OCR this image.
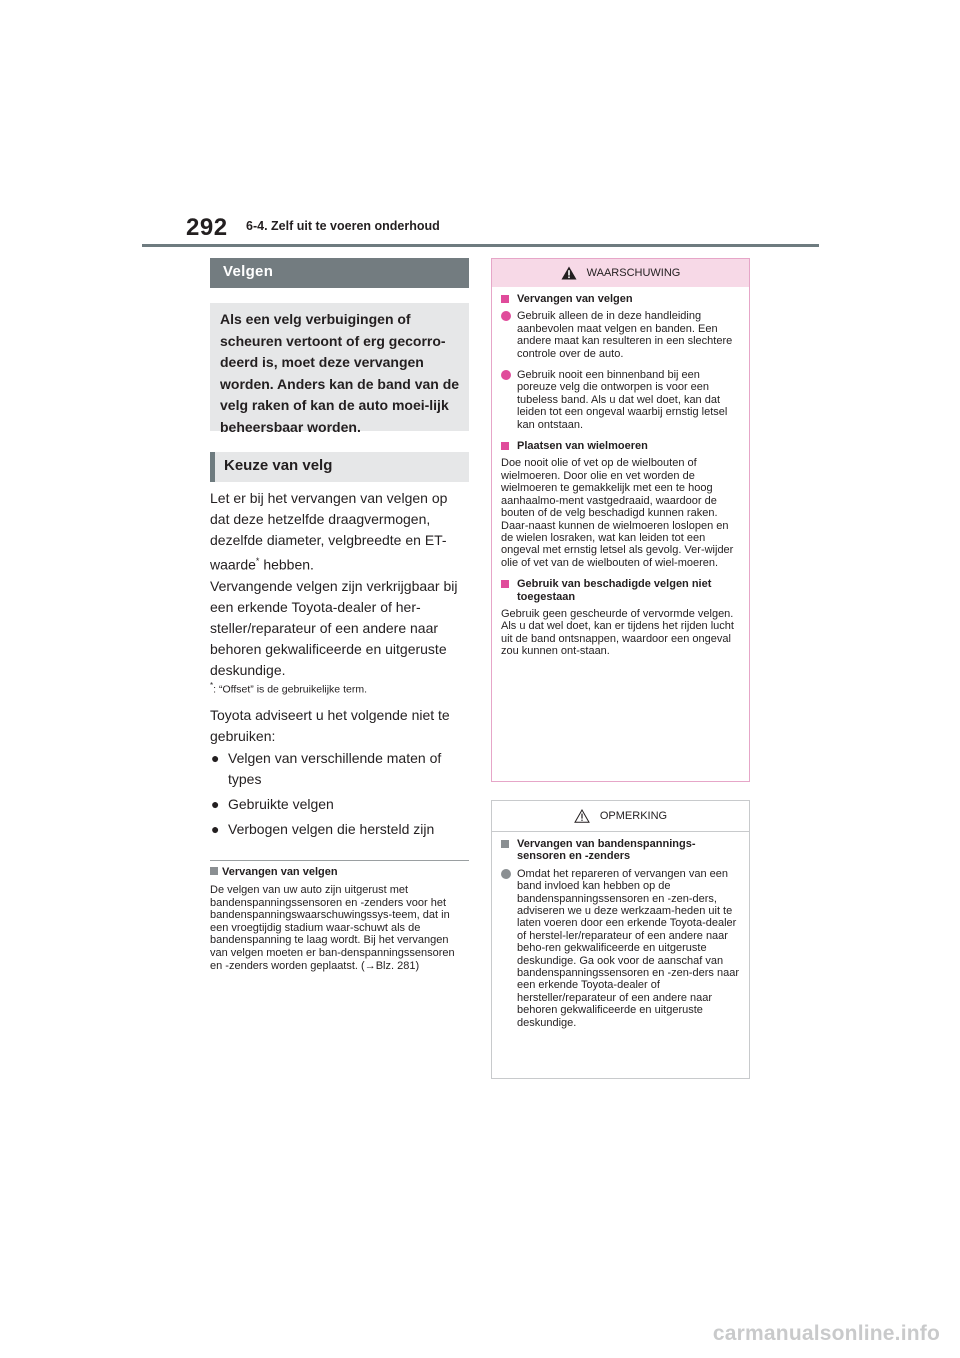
292 6-4. Zelf uit te voeren onderhoud
Velgen
Als een velg verbuigingen of scheuren vertoont of erg gecorro-deerd is, moet deze vervangen worden. Anders kan de band van de velg raken of kan de auto moei-lijk beheersbaar worden.
Keuze van velg
Let er bij het vervangen van velgen op dat deze hetzelfde draagvermogen, dezelfde diameter, velgbreedte en ET-waarde* hebben.
Vervangende velgen zijn verkrijgbaar bij een erkende Toyota-dealer of her-steller/reparateur of een andere naar behoren gekwalificeerde en uitgeruste deskundige.
*: “Offset” is de gebruikelijke term.
Toyota adviseert u het volgende niet te gebruiken:
● Velgen van verschillende maten of types
● Gebruikte velgen
● Verbogen velgen die hersteld zijn
Vervangen van velgen
De velgen van uw auto zijn uitgerust met bandenspanningssensoren en -zenders voor het bandenspanningswaarschuwingssys-teem, dat in een vroegtijdig stadium waar-schuwt als de bandenspanning te laag wordt. Bij het vervangen van velgen moeten er ban-denspanningssensoren en -zenders worden geplaatst. (→Blz. 281)
WAARSCHUWING
Vervangen van velgen
Gebruik alleen de in deze handleiding aanbevolen maat velgen en banden. Een andere maat kan resulteren in een slechtere controle over de auto.
Gebruik nooit een binnenband bij een poreuze velg die ontworpen is voor een tubeless band. Als u dat wel doet, kan dat leiden tot een ongeval waarbij ernstig letsel kan ontstaan.
Plaatsen van wielmoeren
Doe nooit olie of vet op de wielbouten of wielmoeren. Door olie en vet worden de wielmoeren te gemakkelijk met een te hoog aanhaalmo-ment vastgedraaid, waardoor de bouten of de velg beschadigd kunnen raken. Daar-naast kunnen de wielmoeren loslopen en de wielen losraken, wat kan leiden tot een ongeval met ernstig letsel als gevolg. Ver-wijder olie of vet van de wielbouten of wiel-moeren.
Gebruik van beschadigde velgen niet toegestaan
Gebruik geen gescheurde of vervormde velgen. Als u dat wel doet, kan er tijdens het rijden lucht uit de band ontsnappen, waardoor een ongeval zou kunnen ont-staan.
OPMERKING
Vervangen van bandenspannings-sensoren en -zenders
Omdat het repareren of vervangen van een band invloed kan hebben op de bandenspanningssensoren en -zen-ders, adviseren we u deze werkzaam-heden uit te laten voeren door een erkende Toyota-dealer of herstel-ler/reparateur of een andere naar beho-ren gekwalificeerde en uitgeruste deskundige. Ga ook voor de aanschaf van bandenspanningssensoren en -zen-ders naar een erkende Toyota-dealer of hersteller/reparateur of een andere naar behoren gekwalificeerde en uitgeruste deskundige.
carmanualsonline.info
